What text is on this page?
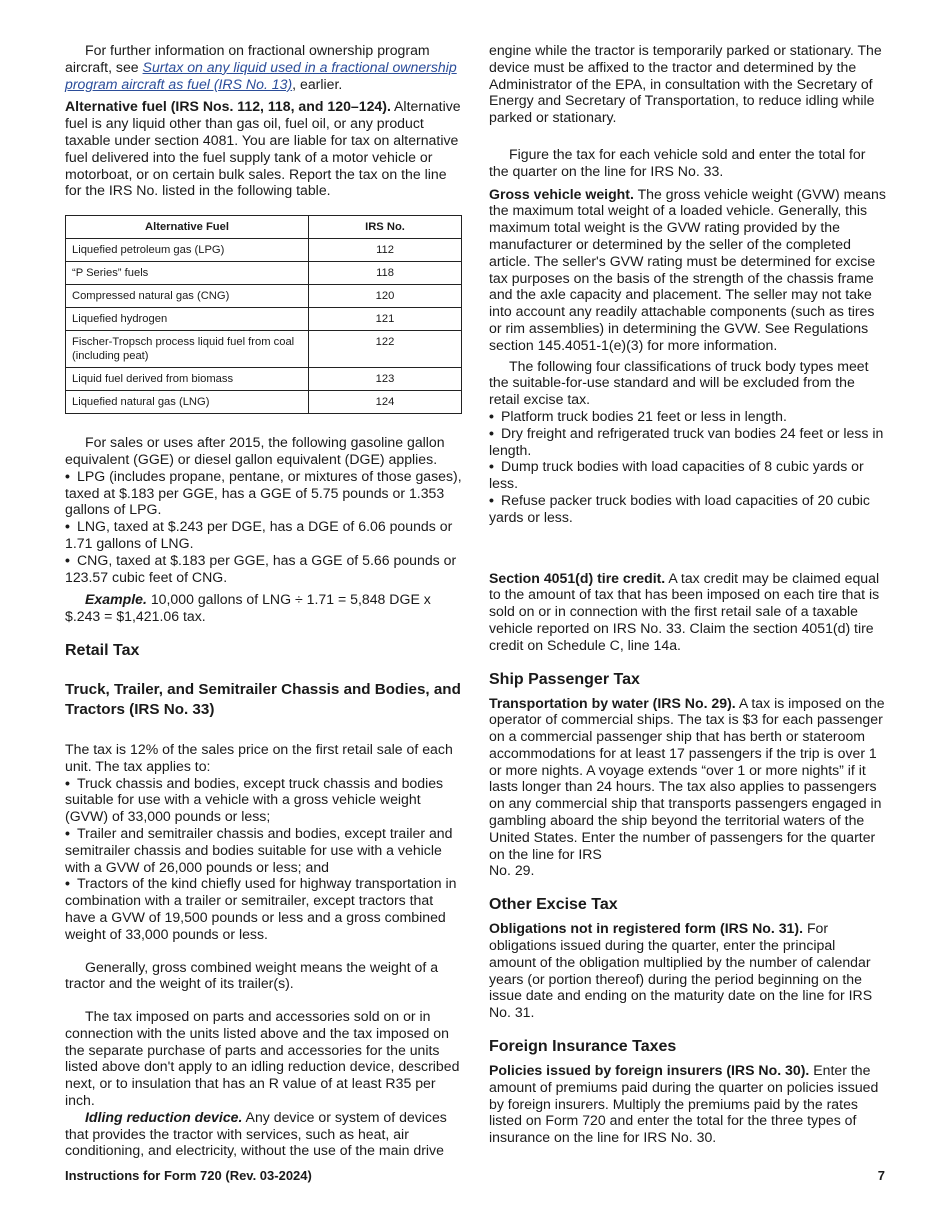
For further information on fractional ownership program aircraft, see Surtax on any liquid used in a fractional ownership program aircraft as fuel (IRS No. 13), earlier.

Alternative fuel (IRS Nos. 112, 118, and 120–124). Alternative fuel is any liquid other than gas oil, fuel oil, or any product taxable under section 4081. You are liable for tax on alternative fuel delivered into the fuel supply tank of a motor vehicle or motorboat, or on certain bulk sales. Report the tax on the line for the IRS No. listed in the following table.

Alternative Fuel	IRS No.
Liquefied petroleum gas (LPG)	112
“P Series” fuels	118
Compressed natural gas (CNG)	120
Liquefied hydrogen	121
Fischer-Tropsch process liquid fuel from coal (including peat)	122
Liquid fuel derived from biomass	123
Liquefied natural gas (LNG)	124

For sales or uses after 2015, the following gasoline gallon equivalent (GGE) or diesel gallon equivalent (DGE) applies.

• LPG (includes propane, pentane, or mixtures of those gases), taxed at $.183 per GGE, has a GGE of 5.75 pounds or 1.353 gallons of LPG.

• LNG, taxed at $.243 per DGE, has a DGE of 6.06 pounds or 1.71 gallons of LNG.

• CNG, taxed at $.183 per GGE, has a GGE of 5.66 pounds or 123.57 cubic feet of CNG.

Example. 10,000 gallons of LNG ÷ 1.71 = 5,848 DGE x $.243 = $1,421.06 tax.

Retail Tax
Truck, Trailer, and Semitrailer Chassis and Bodies, and Tractors (IRS No. 33)

The tax is 12% of the sales price on the first retail sale of each unit. The tax applies to:

• Truck chassis and bodies, except truck chassis and bodies suitable for use with a vehicle with a gross vehicle weight (GVW) of 33,000 pounds or less;

• Trailer and semitrailer chassis and bodies, except trailer and semitrailer chassis and bodies suitable for use with a vehicle with a GVW of 26,000 pounds or less; and

• Tractors of the kind chiefly used for highway transportation in combination with a trailer or semitrailer, except tractors that have a GVW of 19,500 pounds or less and a gross combined weight of 33,000 pounds or less.

Generally, gross combined weight means the weight of a tractor and the weight of its trailer(s).

The tax imposed on parts and accessories sold on or in connection with the units listed above and the tax imposed on the separate purchase of parts and accessories for the units listed above don't apply to an idling reduction device, described next, or to insulation that has an R value of at least R35 per inch.

Idling reduction device. Any device or system of devices that provides the tractor with services, such as heat, air conditioning, and electricity, without the use of the main drive

engine while the tractor is temporarily parked or stationary. The device must be affixed to the tractor and determined by the Administrator of the EPA, in consultation with the Secretary of Energy and Secretary of Transportation, to reduce idling while parked or stationary.

Figure the tax for each vehicle sold and enter the total for the quarter on the line for IRS No. 33.

Gross vehicle weight. The gross vehicle weight (GVW) means the maximum total weight of a loaded vehicle. Generally, this maximum total weight is the GVW rating provided by the manufacturer or determined by the seller of the completed article. The seller's GVW rating must be determined for excise tax purposes on the basis of the strength of the chassis frame and the axle capacity and placement. The seller may not take into account any readily attachable components (such as tires or rim assemblies) in determining the GVW. See Regulations section 145.4051-1(e)(3) for more information.

The following four classifications of truck body types meet the suitable-for-use standard and will be excluded from the retail excise tax.

• Platform truck bodies 21 feet or less in length.

• Dry freight and refrigerated truck van bodies 24 feet or less in length.

• Dump truck bodies with load capacities of 8 cubic yards or less.

• Refuse packer truck bodies with load capacities of 20 cubic yards or less.

Section 4051(d) tire credit. A tax credit may be claimed equal to the amount of tax that has been imposed on each tire that is sold on or in connection with the first retail sale of a taxable vehicle reported on IRS No. 33. Claim the section 4051(d) tire credit on Schedule C, line 14a.

Ship Passenger Tax

Transportation by water (IRS No. 29). A tax is imposed on the operator of commercial ships. The tax is $3 for each passenger on a commercial passenger ship that has berth or stateroom accommodations for at least 17 passengers if the trip is over 1 or more nights. A voyage extends “over 1 or more nights” if it lasts longer than 24 hours. The tax also applies to passengers on any commercial ship that transports passengers engaged in gambling aboard the ship beyond the territorial waters of the United States. Enter the number of passengers for the quarter on the line for IRS
No. 29.

Other Excise Tax

Obligations not in registered form (IRS No. 31). For obligations issued during the quarter, enter the principal amount of the obligation multiplied by the number of calendar years (or portion thereof) during the period beginning on the issue date and ending on the maturity date on the line for IRS No. 31.

Foreign Insurance Taxes

Policies issued by foreign insurers (IRS No. 30). Enter the amount of premiums paid during the quarter on policies issued by foreign insurers. Multiply the premiums paid by the rates listed on Form 720 and enter the total for the three types of insurance on the line for IRS No. 30.

Instructions for Form 720 (Rev. 03-2024)	7
